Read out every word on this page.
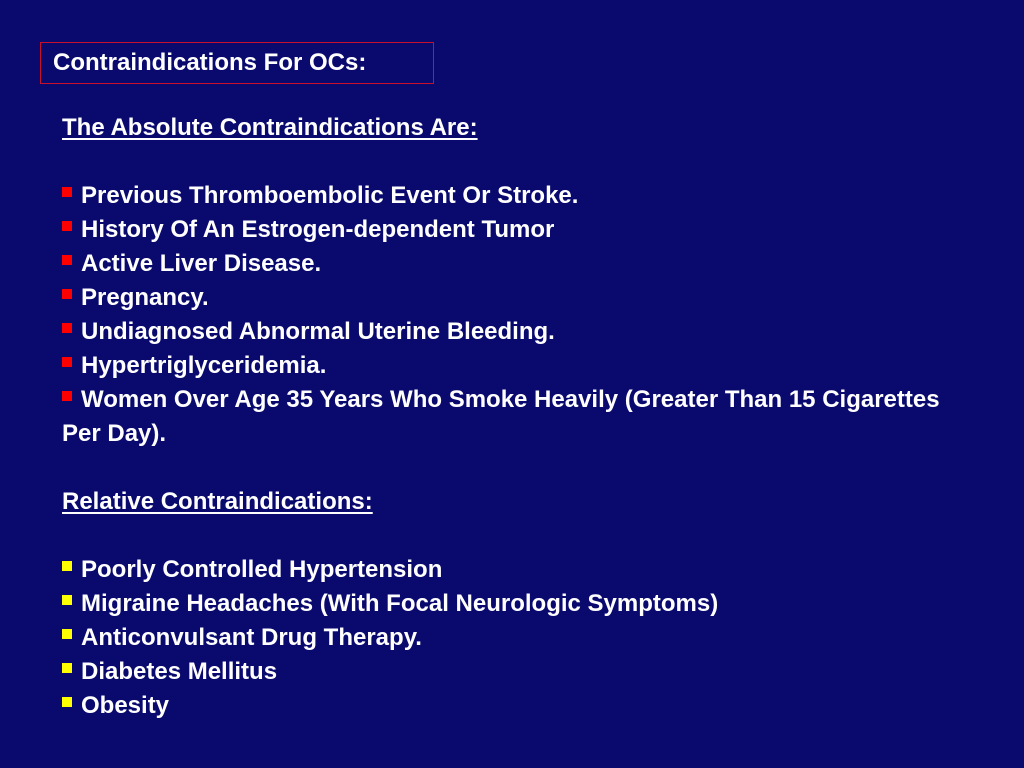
Contraindications For OCs:
The Absolute Contraindications Are:
Previous Thromboembolic Event Or Stroke.
History Of An Estrogen-dependent Tumor
Active Liver Disease.
Pregnancy.
Undiagnosed Abnormal Uterine Bleeding.
Hypertriglyceridemia.
Women Over Age 35 Years Who Smoke Heavily (Greater Than 15 Cigarettes Per Day).
Relative Contraindications:
Poorly Controlled Hypertension
Migraine Headaches (With Focal Neurologic Symptoms)
Anticonvulsant Drug Therapy.
Diabetes Mellitus
Obesity
